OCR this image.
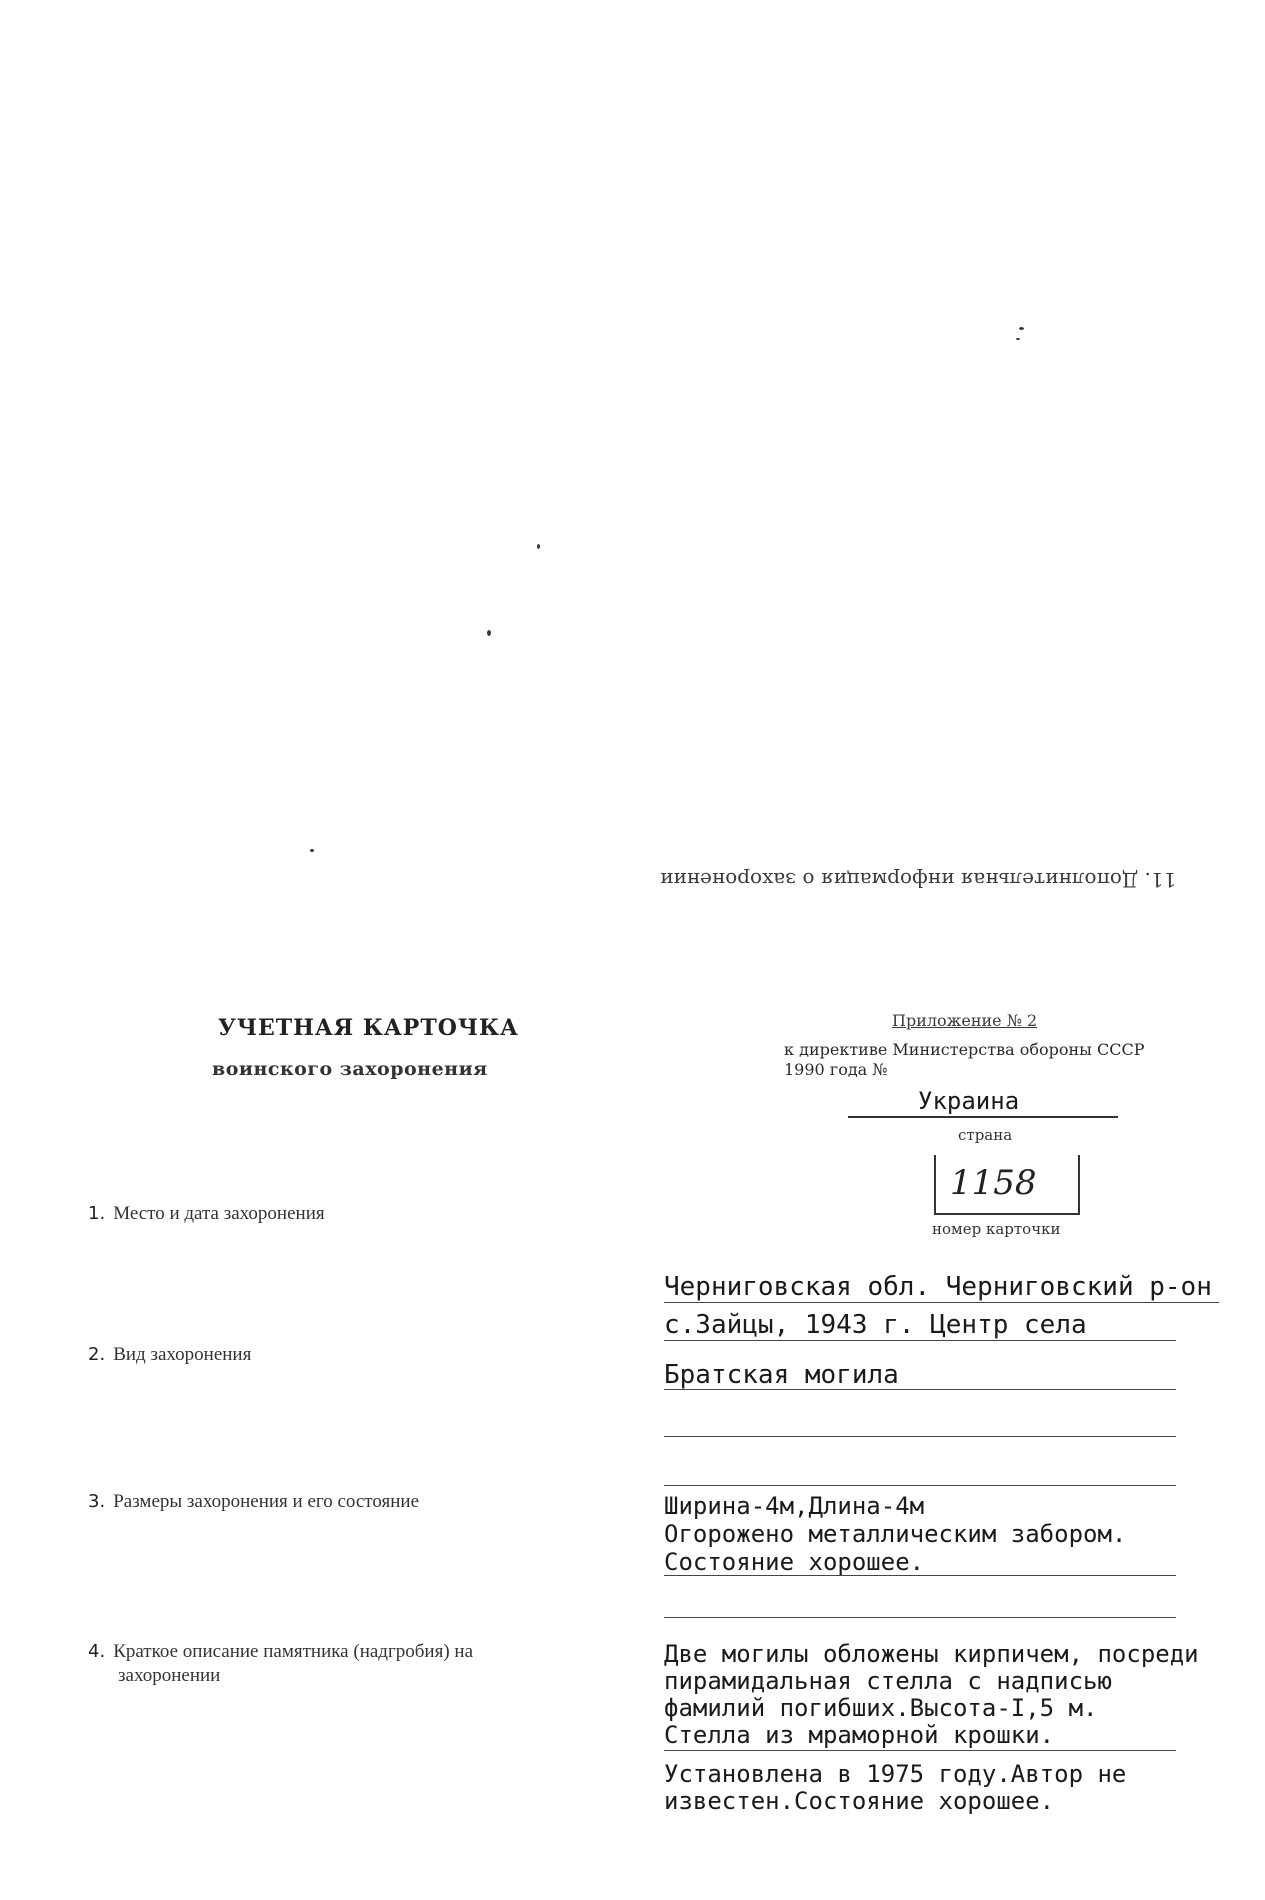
11. Дополнительная информация о захоронении
УЧЕТНАЯ КАРТОЧКА
воинского захоронения
Приложение № 2
к директиве Министерства обороны СССР
1990 года №
Украина
страна
1158
номер карточки
1. Место и дата захоронения
2. Вид захоронения
3. Размеры захоронения и его состояние
4. Краткое описание памятника (надгробия) на
захоронении
Черниговская обл. Черниговский р-он
с.Зайцы, 1943 г. Центр села
Братская могила
Ширина-4м,Длина-4м
Огорожено металлическим забором.
Состояние хорошее.
Две могилы обложены кирпичем, посреди
пирамидальная стелла с надписью
фамилий погибших.Высота-I,5 м.
Стелла из мраморной крошки.
Установлена в 1975 году.Автор не
известен.Состояние хорошее.
